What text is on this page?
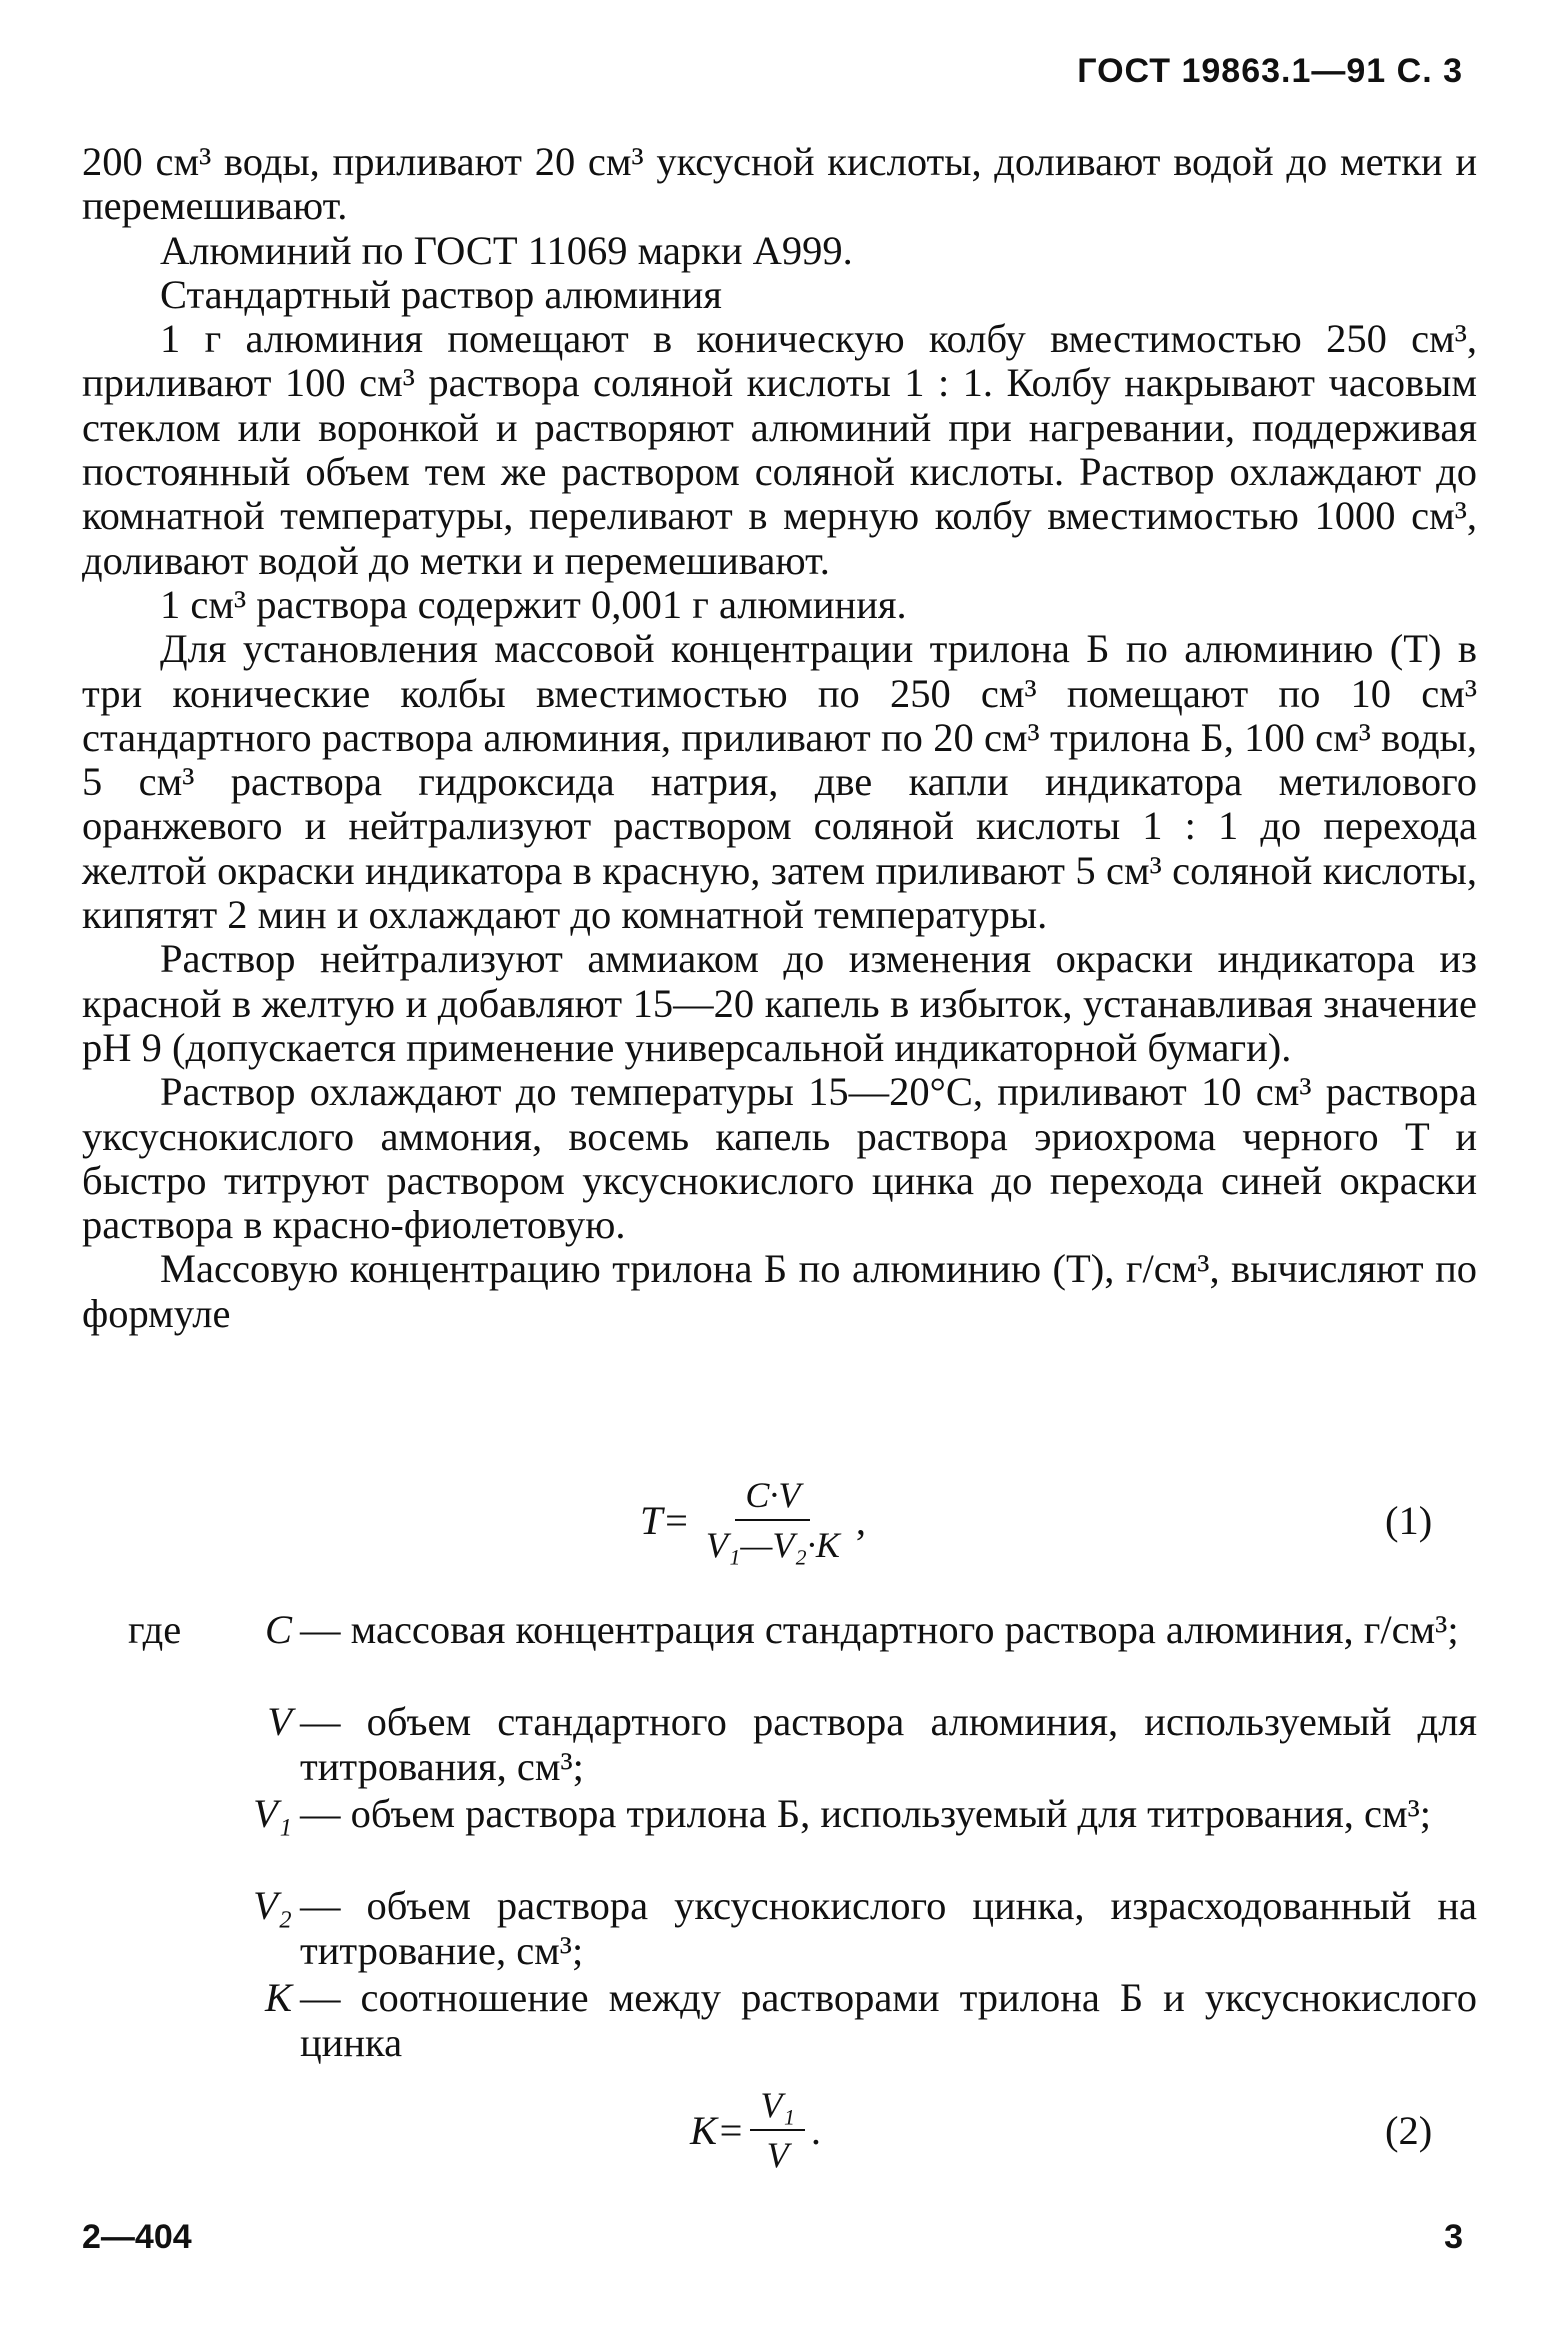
ГОСТ 19863.1—91 С. 3

200 см³ воды, приливают 20 см³ уксусной кислоты, доливают водой до метки и перемешивают.

Алюминий по ГОСТ 11069 марки А999.

Стандартный раствор алюминия

1 г алюминия помещают в коническую колбу вместимостью 250 см³, приливают 100 см³ раствора соляной кислоты 1 : 1. Колбу накрывают часовым стеклом или воронкой и растворяют алюминий при нагревании, поддерживая постоянный объем тем же раствором соляной кислоты. Раствор охлаждают до комнатной температуры, переливают в мерную колбу вместимостью 1000 см³, доливают водой до метки и перемешивают.

1 см³ раствора содержит 0,001 г алюминия.

Для установления массовой концентрации трилона Б по алюминию (T) в три конические колбы вместимостью по 250 см³ помещают по 10 см³ стандартного раствора алюминия, приливают по 20 см³ трилона Б, 100 см³ воды, 5 см³ раствора гидроксида натрия, две капли индикатора метилового оранжевого и нейтрализуют раствором соляной кислоты 1 : 1 до перехода желтой окраски индикатора в красную, затем приливают 5 см³ соляной кислоты, кипятят 2 мин и охлаждают до комнатной температуры.

Раствор нейтрализуют аммиаком до изменения окраски индикатора из красной в желтую и добавляют 15—20 капель в избыток, устанавливая значение pH 9 (допускается применение универсальной индикаторной бумаги).

Раствор охлаждают до температуры 15—20°С, приливают 10 см³ раствора уксуснокислого аммония, восемь капель раствора эриохрома черного T и быстро титруют раствором уксуснокислого цинка до перехода синей окраски раствора в красно-фиолетовую.

Массовую концентрацию трилона Б по алюминию (T), г/см³, вычисляют по формуле

$T= \frac{C\cdot V}{\text{V₁—V₂·K}}$ ,	(1)
где C — массовая концентрация стандартного раствора алюминия, г/см³;
V — объем стандартного раствора алюминия, используемый для титрования, см³;
V₁ — объем раствора трилона Б, используемый для титрования, см³;
V₂ — объем раствора уксуснокислого цинка, израсходованный на титрование, см³;
K — соотношение между растворами трилона Б и уксуснокислого цинка
$K= \frac{\text{V₁}}{V}$ .	(2)
2—404	3
